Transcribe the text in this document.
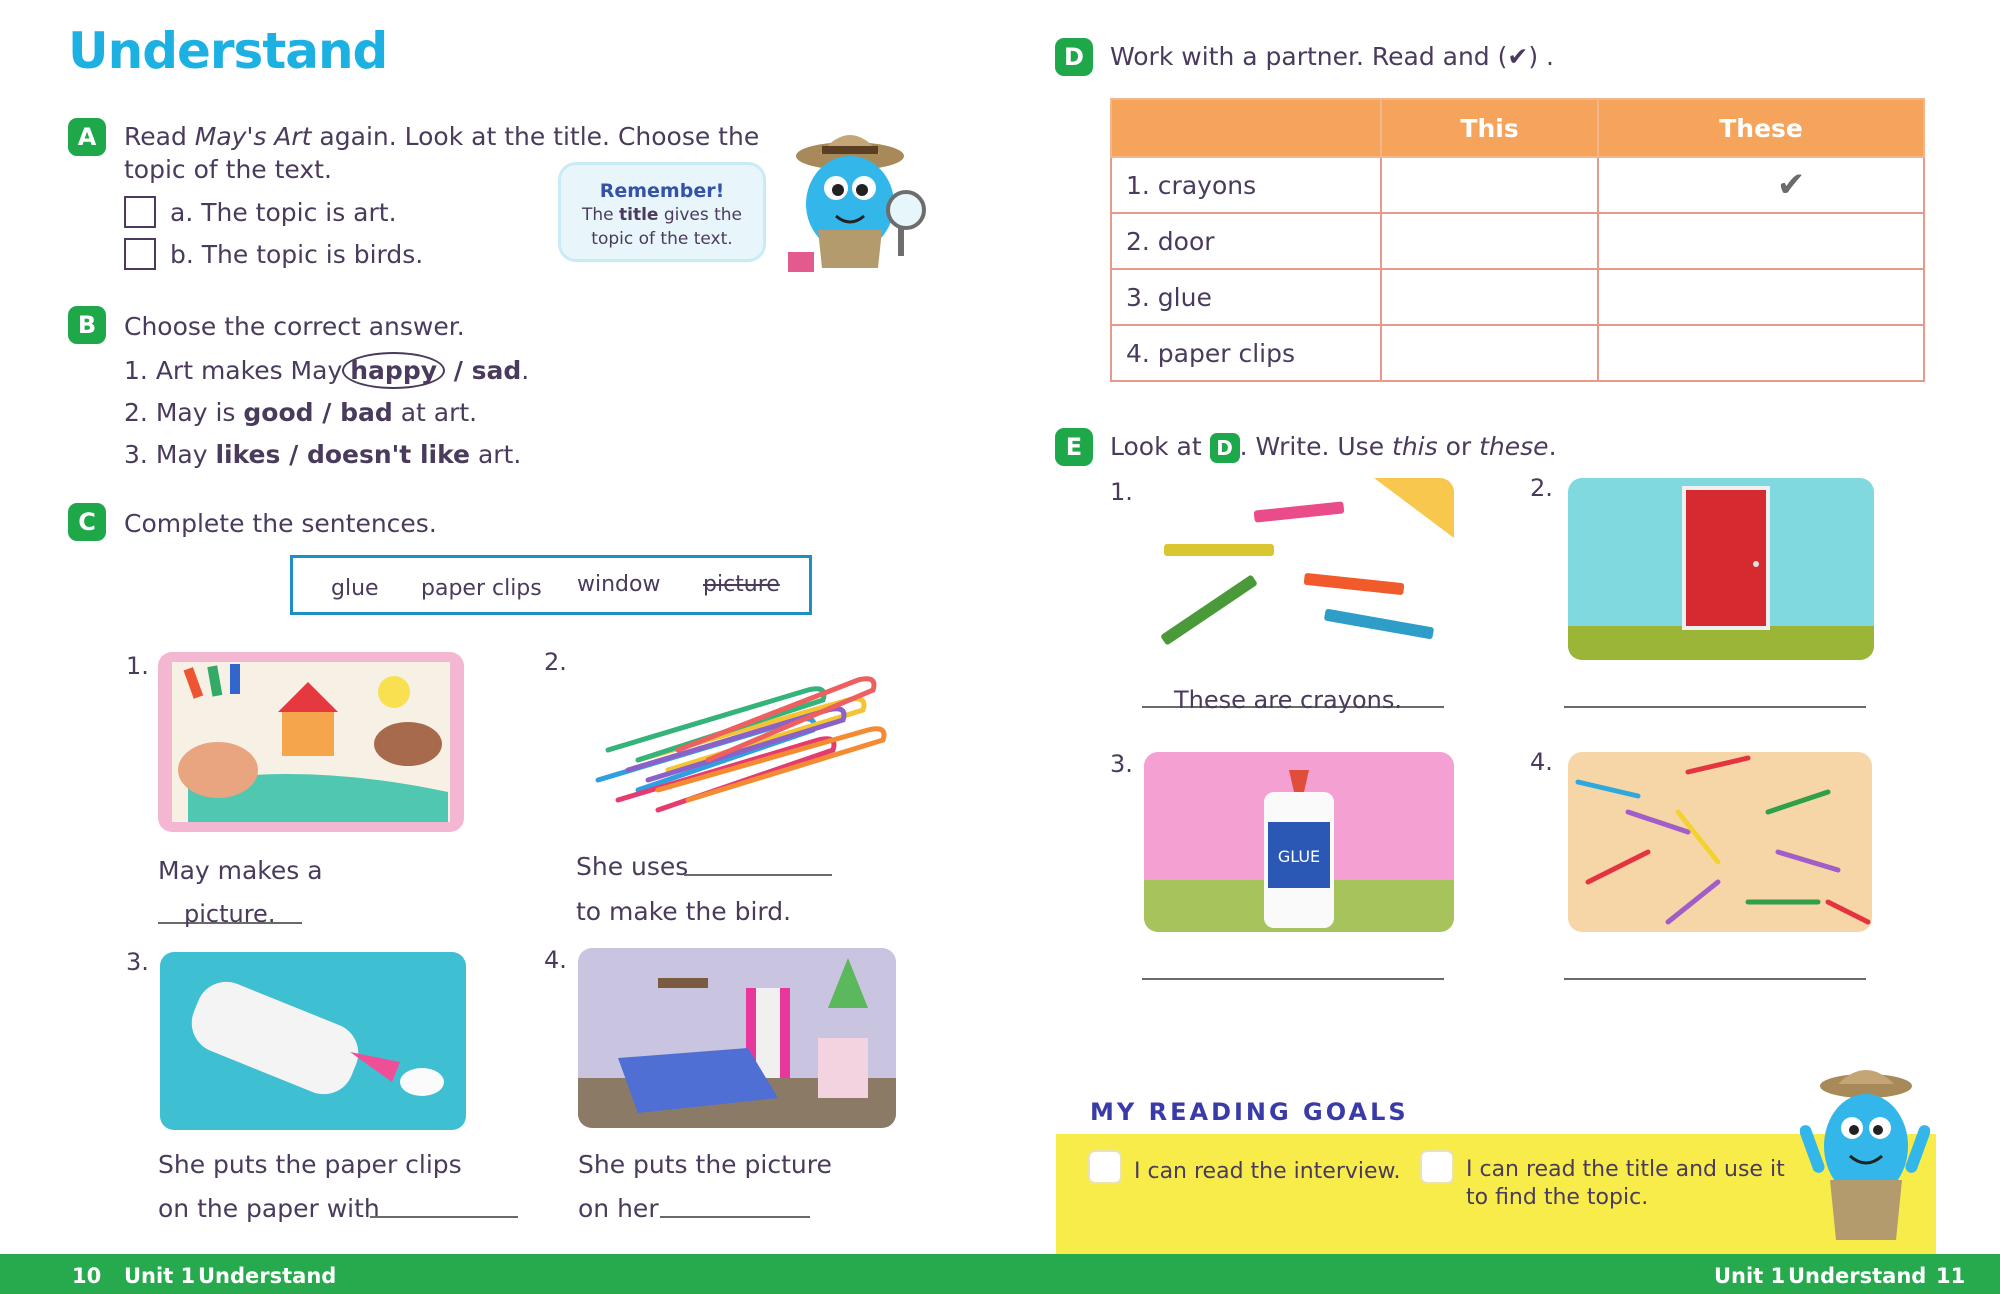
Understand
A	Read May's Art again. Look at the title. Choose the
topic of the text.
a. The topic is art.
b. The topic is birds.
Remember!
The title gives the
topic of the text.
B	Choose the correct answer.
1. Art makes May happy / sad.
2. May is good / bad at art.
3. May likes / doesn't like art.
C	Complete the sentences.
glue paper clips window picture
1.
May makes a
picture.
2.
She uses
to make the bird.
3.
She puts the paper clips
on the paper with
4.
She puts the picture
on her
D	Work with a partner. Read and (✔) .
	This	These
1. crayons		✔
2. door		
3. glue		
4. paper clips		
E	Look at D . Write. Use this or these.
1.
These are crayons.
2.
3.
GLUE
4.
MY READING GOALS
I can read the interview.	I can read the title and use it
to find the topic.
10 Unit 1 Understand	Unit 1 Understand 11
